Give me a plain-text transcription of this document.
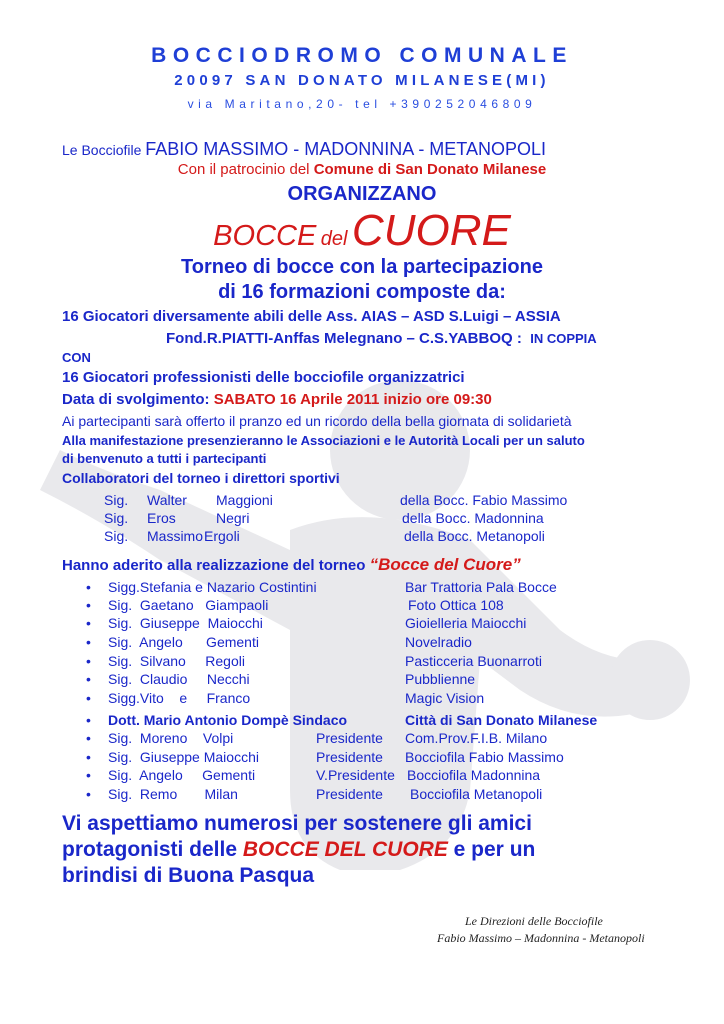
BOCCIODROMO COMUNALE
20097 SAN DONATO MILANESE(MI)
via Maritano,20- tel +390252046809
Le Bocciofile FABIO MASSIMO - MADONNINA - METANOPOLI
Con il patrocinio del Comune di San Donato Milanese
ORGANIZZANO
BOCCE del CUORE
Torneo di bocce con la partecipazione
di 16 formazioni composte da:
16 Giocatori diversamente abili delle Ass. AIAS – ASD S.Luigi – ASSIA
Fond.R.PIATTI-Anffas Melegnano – C.S.YABBOQ : IN COPPIA
CON
16 Giocatori professionisti delle bocciofile organizzatrici
Data di svolgimento: SABATO 16 Aprile 2011 inizio ore 09:30
Ai partecipanti sarà offerto il pranzo ed un ricordo della bella giornata di solidarietà
Alla manifestazione presenzieranno le Associazioni e le Autorità Locali per un saluto
di benvenuto a tutti i partecipanti
Collaboratori del torneo i direttori sportivi
Sig. Walter Maggioni	della Bocc. Fabio Massimo
Sig. Eros	Negri	della Bocc. Madonnina
Sig. Massimo Ergoli	della Bocc. Metanopoli
Hanno aderito alla realizzazione del torneo “Bocce del Cuore”
• Sigg.Stefania e Nazario Costintini	Bar Trattoria Pala Bocce
• Sig.  Gaetano   Giampaoli	Foto Ottica 108
• Sig.  Giuseppe  Maiocchi	Gioielleria Maiocchi
• Sig.  Angelo      Gementi	Novelradio
• Sig.  Silvano     Regoli	Pasticceria Buonarroti
• Sig.  Claudio     Necchi	Pubblienne
• Sigg.Vito    e     Franco	Magic Vision
• Dott. Mario Antonio Dompè Sindaco	Città di San Donato Milanese
• Sig.  Moreno    Volpi	Presidente Com.Prov.F.I.B. Milano
• Sig.  Giuseppe Maiocchi	Presidente Bocciofila Fabio Massimo
• Sig.  Angelo     Gementi	V.Presidente Bocciofila Madonnina
• Sig.  Remo       Milan	Presidente Bocciofila Metanopoli
Vi aspettiamo numerosi per sostenere gli amici
protagonisti delle BOCCE DEL CUORE e per un
brindisi di Buona Pasqua
Le Direzioni delle Bocciofile
Fabio Massimo – Madonnina - Metanopoli
